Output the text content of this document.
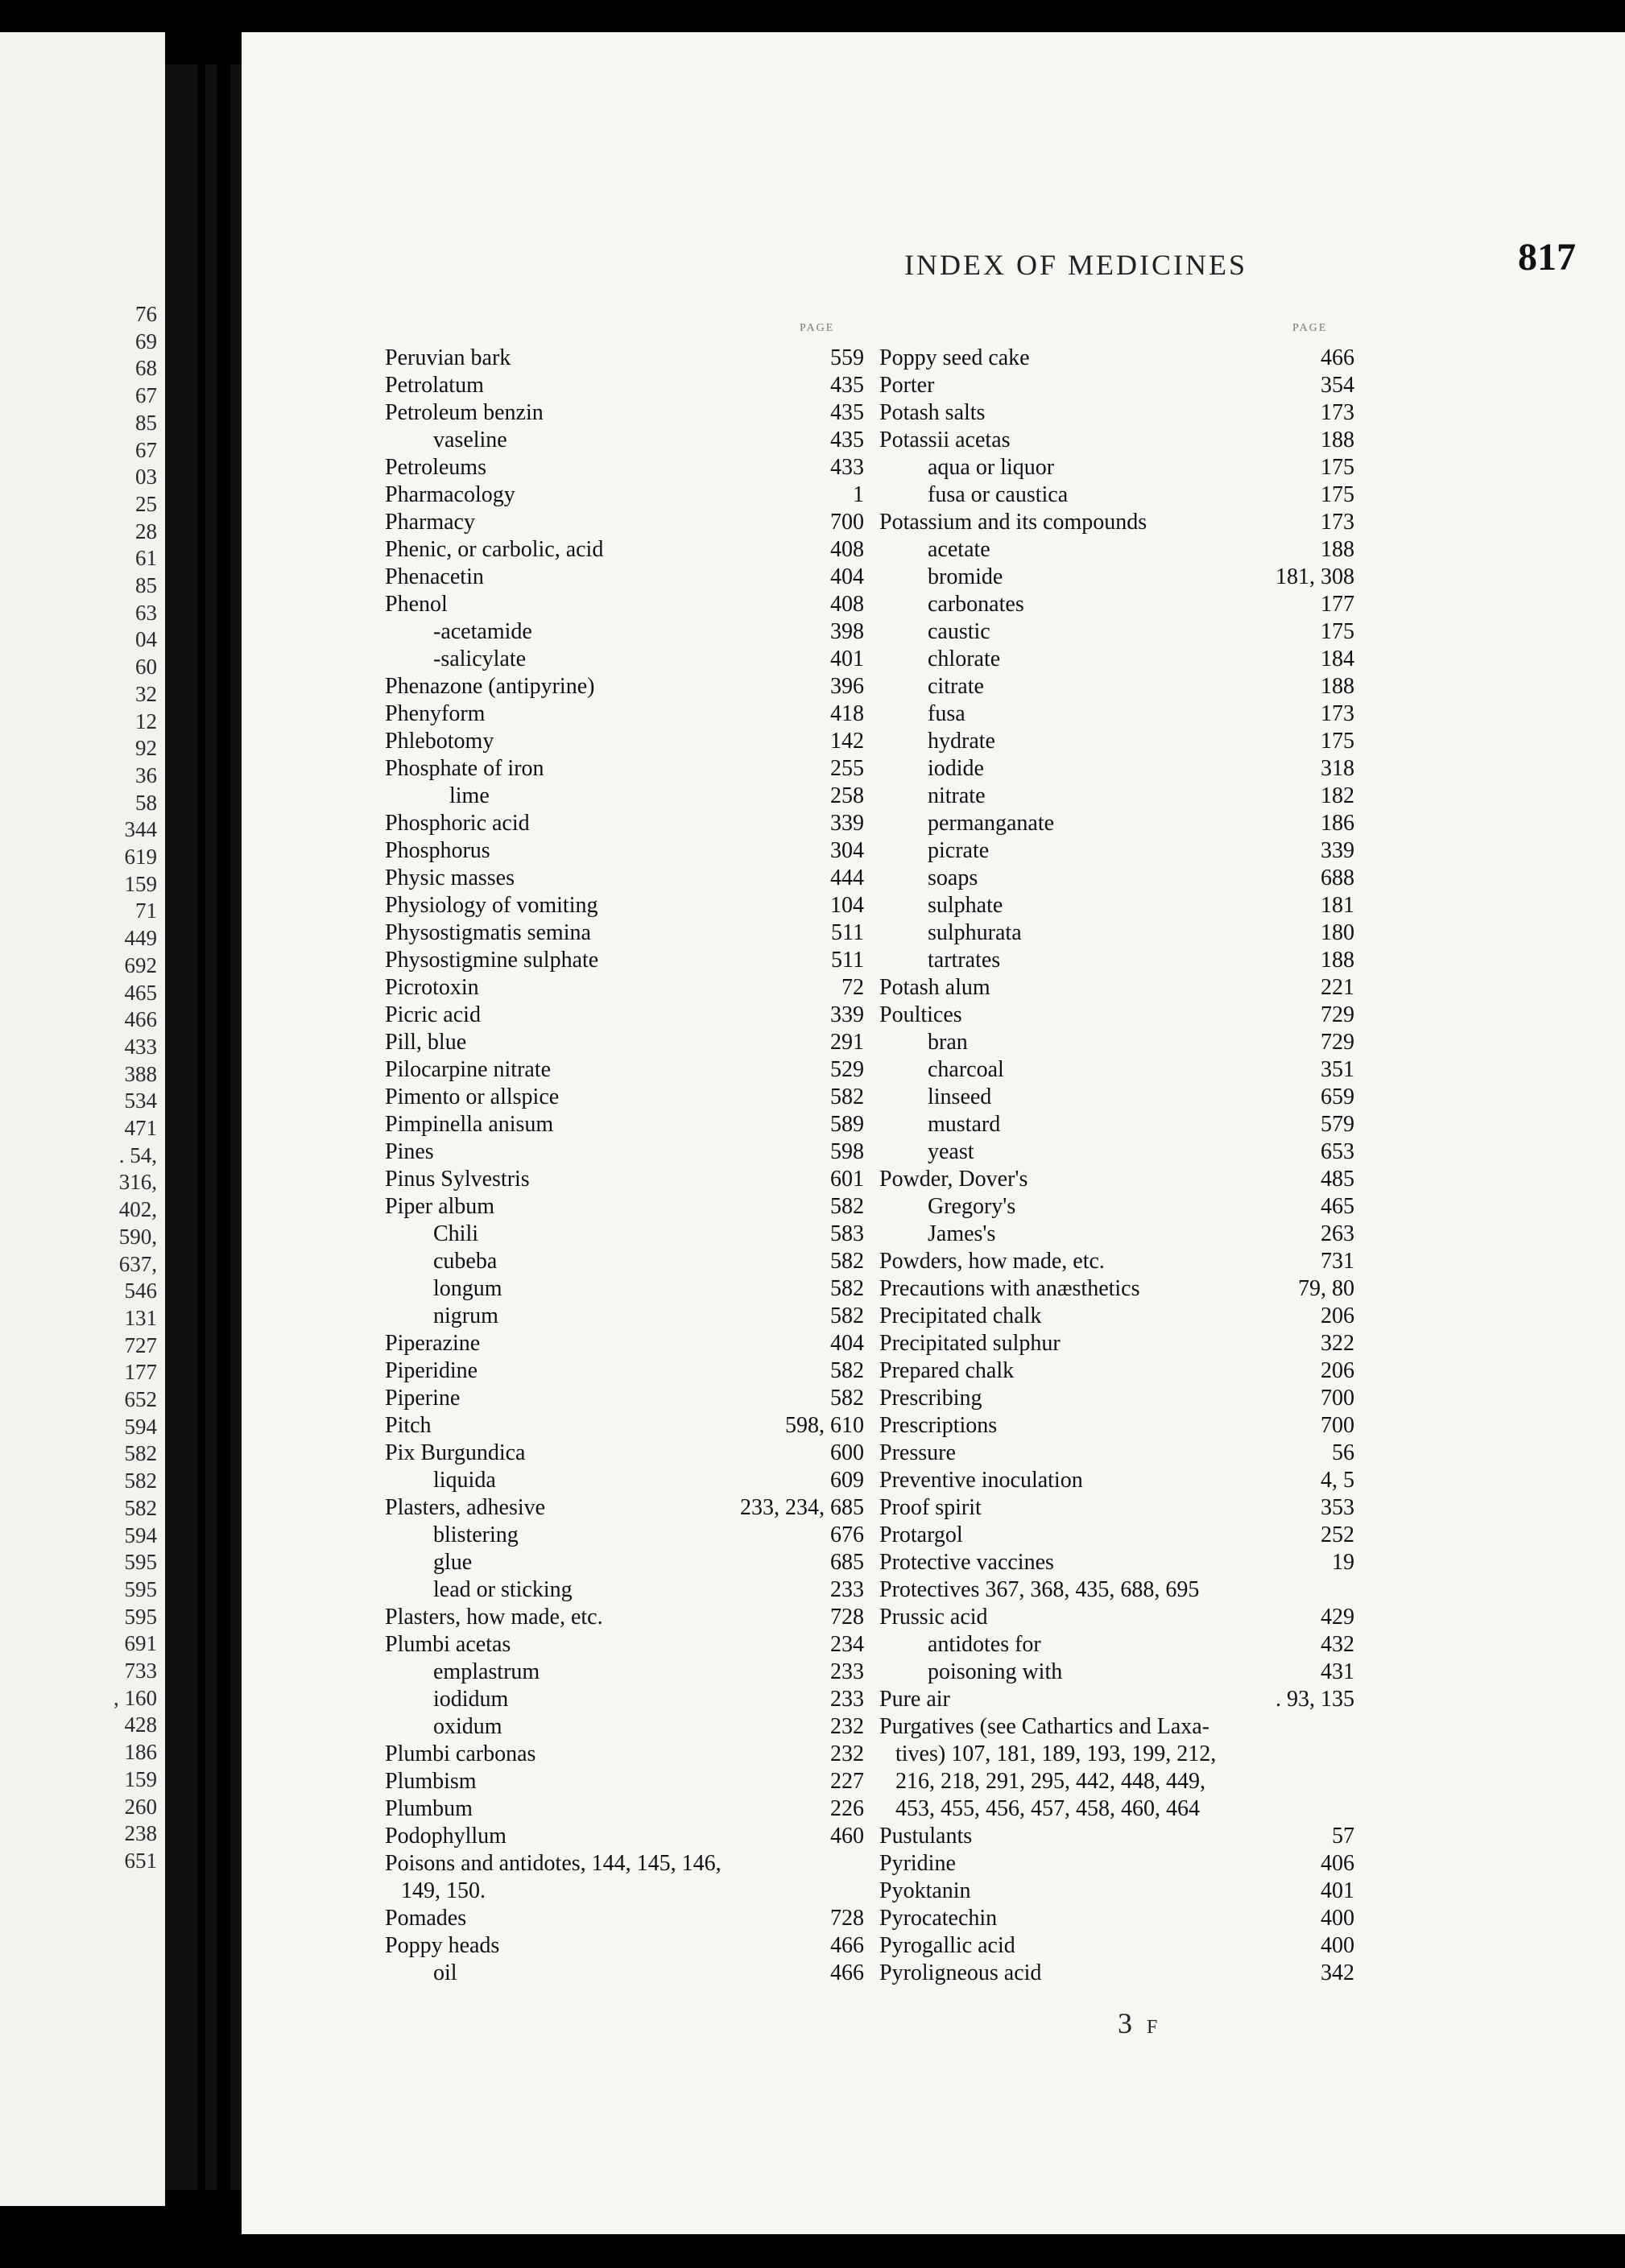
76
69
68
67
85
67
03
25
28
61
85
63
04
60
32
12
92
36
58
344
619
159
71
449
692
465
466
433
388
534
471
. 54,
316,
402,
590,
637,
546
131
727
177
652
594
582
582
582
594
595
595
595
691
733
, 160
428
186
159
260
238
651
INDEX OF MEDICINES	817
PAGE	PAGE
Peruvian bark	559
Petrolatum	435
Petroleum benzin	435
vaseline	435
Petroleums	433
Pharmacology	1
Pharmacy	700
Phenic, or carbolic, acid	408
Phenacetin	404
Phenol	408
-acetamide	398
-salicylate	401
Phenazone (antipyrine)	396
Phenyform	418
Phlebotomy	142
Phosphate of iron	255
lime	258
Phosphoric acid	339
Phosphorus	304
Physic masses	444
Physiology of vomiting	104
Physostigmatis semina	511
Physostigmine sulphate	511
Picrotoxin	72
Picric acid	339
Pill, blue	291
Pilocarpine nitrate	529
Pimento or allspice	582
Pimpinella anisum	589
Pines	598
Pinus Sylvestris	601
Piper album	582
Chili	583
cubeba	582
longum	582
nigrum	582
Piperazine	404
Piperidine	582
Piperine	582
Pitch	598, 610
Pix Burgundica	600
liquida	609
Plasters, adhesive	233, 234, 685
blistering	676
glue	685
lead or sticking	233
Plasters, how made, etc.	728
Plumbi acetas	234
emplastrum	233
iodidum	233
oxidum	232
Plumbi carbonas	232
Plumbism	227
Plumbum	226
Podophyllum	460
Poisons and antidotes, 144, 145, 146,
149, 150.
Pomades	728
Poppy heads	466
oil	466
Poppy seed cake	466
Porter	354
Potash salts	173
Potassii acetas	188
aqua or liquor	175
fusa or caustica	175
Potassium and its compounds	173
acetate	188
bromide	181, 308
carbonates	177
caustic	175
chlorate	184
citrate	188
fusa	173
hydrate	175
iodide	318
nitrate	182
permanganate	186
picrate	339
soaps	688
sulphate	181
sulphurata	180
tartrates	188
Potash alum	221
Poultices	729
bran	729
charcoal	351
linseed	659
mustard	579
yeast	653
Powder, Dover's	485
Gregory's	465
James's	263
Powders, how made, etc.	731
Precautions with anæsthetics	79, 80
Precipitated chalk	206
Precipitated sulphur	322
Prepared chalk	206
Prescribing	700
Prescriptions	700
Pressure	56
Preventive inoculation	4, 5
Proof spirit	353
Protargol	252
Protective vaccines	19
Protectives 367, 368, 435, 688, 695
Prussic acid	429
antidotes for	432
poisoning with	431
Pure air	. 93, 135
Purgatives (see Cathartics and Laxa-
tives) 107, 181, 189, 193, 199, 212,
216, 218, 291, 295, 442, 448, 449,
453, 455, 456, 457, 458, 460, 464
Pustulants	57
Pyridine	406
Pyoktanin	401
Pyrocatechin	400
Pyrogallic acid	400
Pyroligneous acid	342
3 F
